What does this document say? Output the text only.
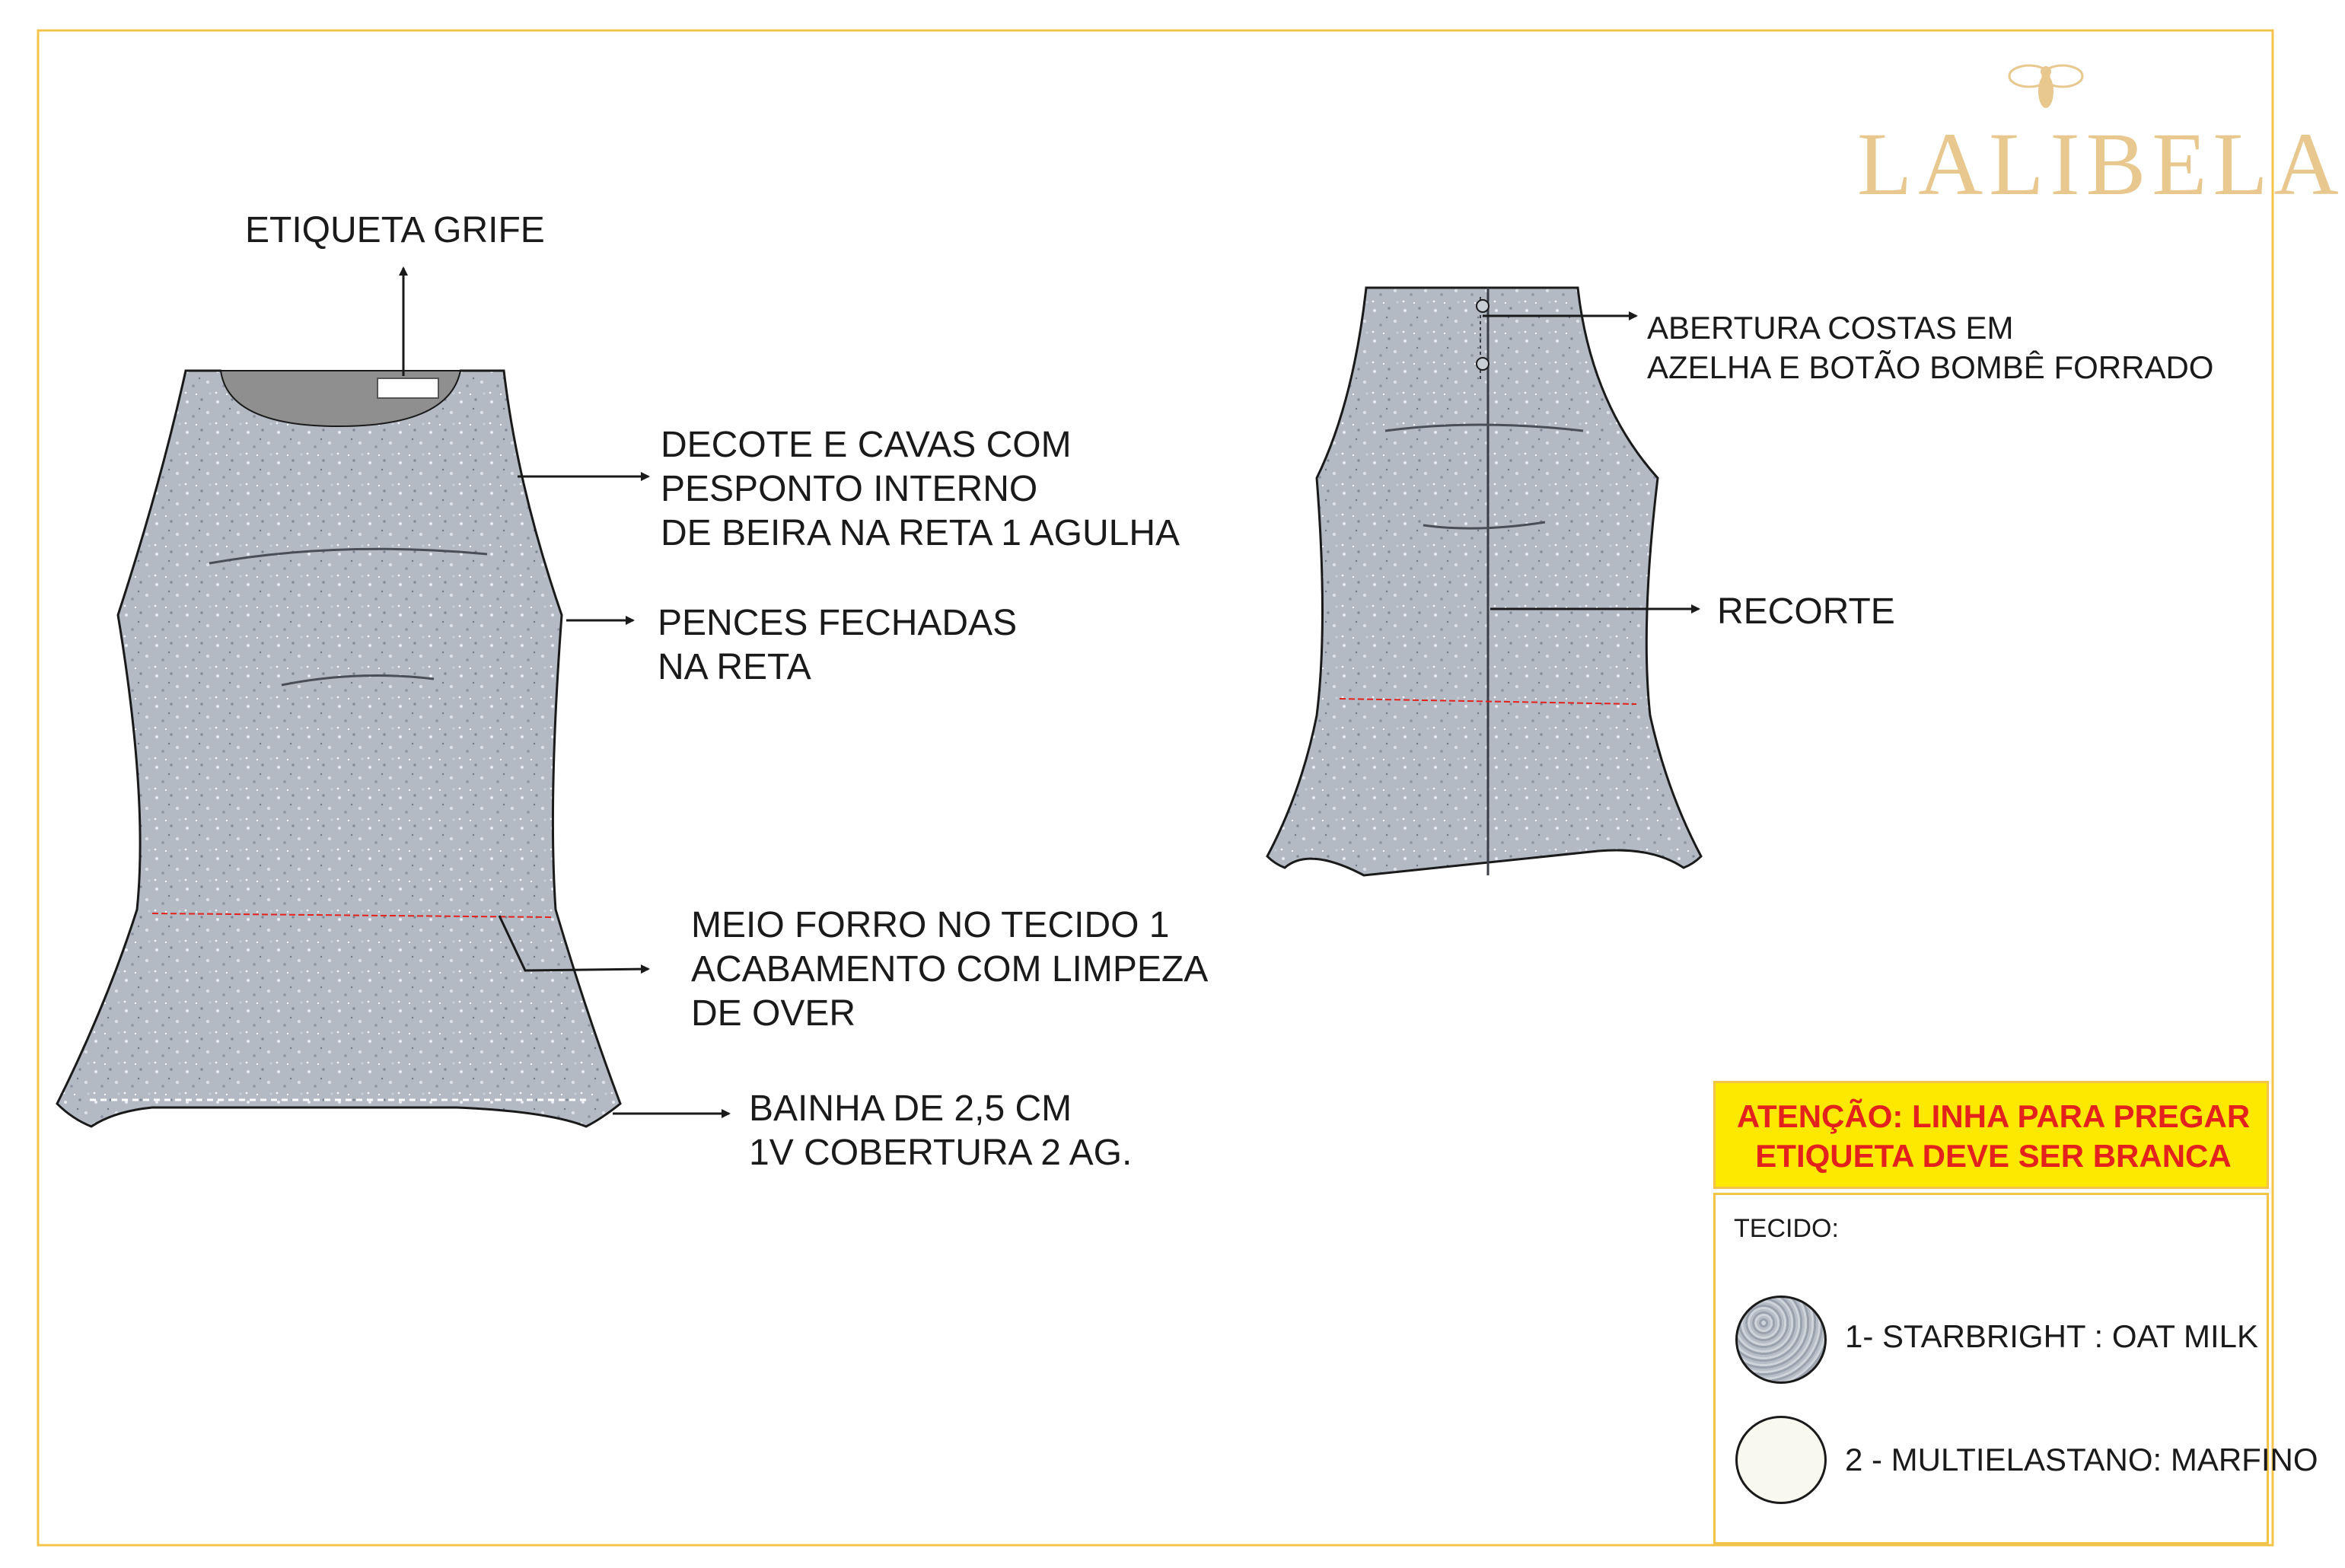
LALIBELA
ETIQUETA GRIFE
DECOTE E CAVAS COM
PESPONTO INTERNO
DE BEIRA NA RETA 1 AGULHA
PENCES FECHADAS
NA RETA
MEIO FORRO NO TECIDO 1
ACABAMENTO COM LIMPEZA
DE OVER
BAINHA DE 2,5 CM
1V COBERTURA 2 AG.
ABERTURA COSTAS EM
AZELHA E BOTÃO BOMBÊ FORRADO
RECORTE
ATENÇÃO: LINHA PARA PREGAR
ETIQUETA DEVE SER BRANCA
TECIDO:
1- STARBRIGHT : OAT MILK
2 - MULTIELASTANO: MARFINO
